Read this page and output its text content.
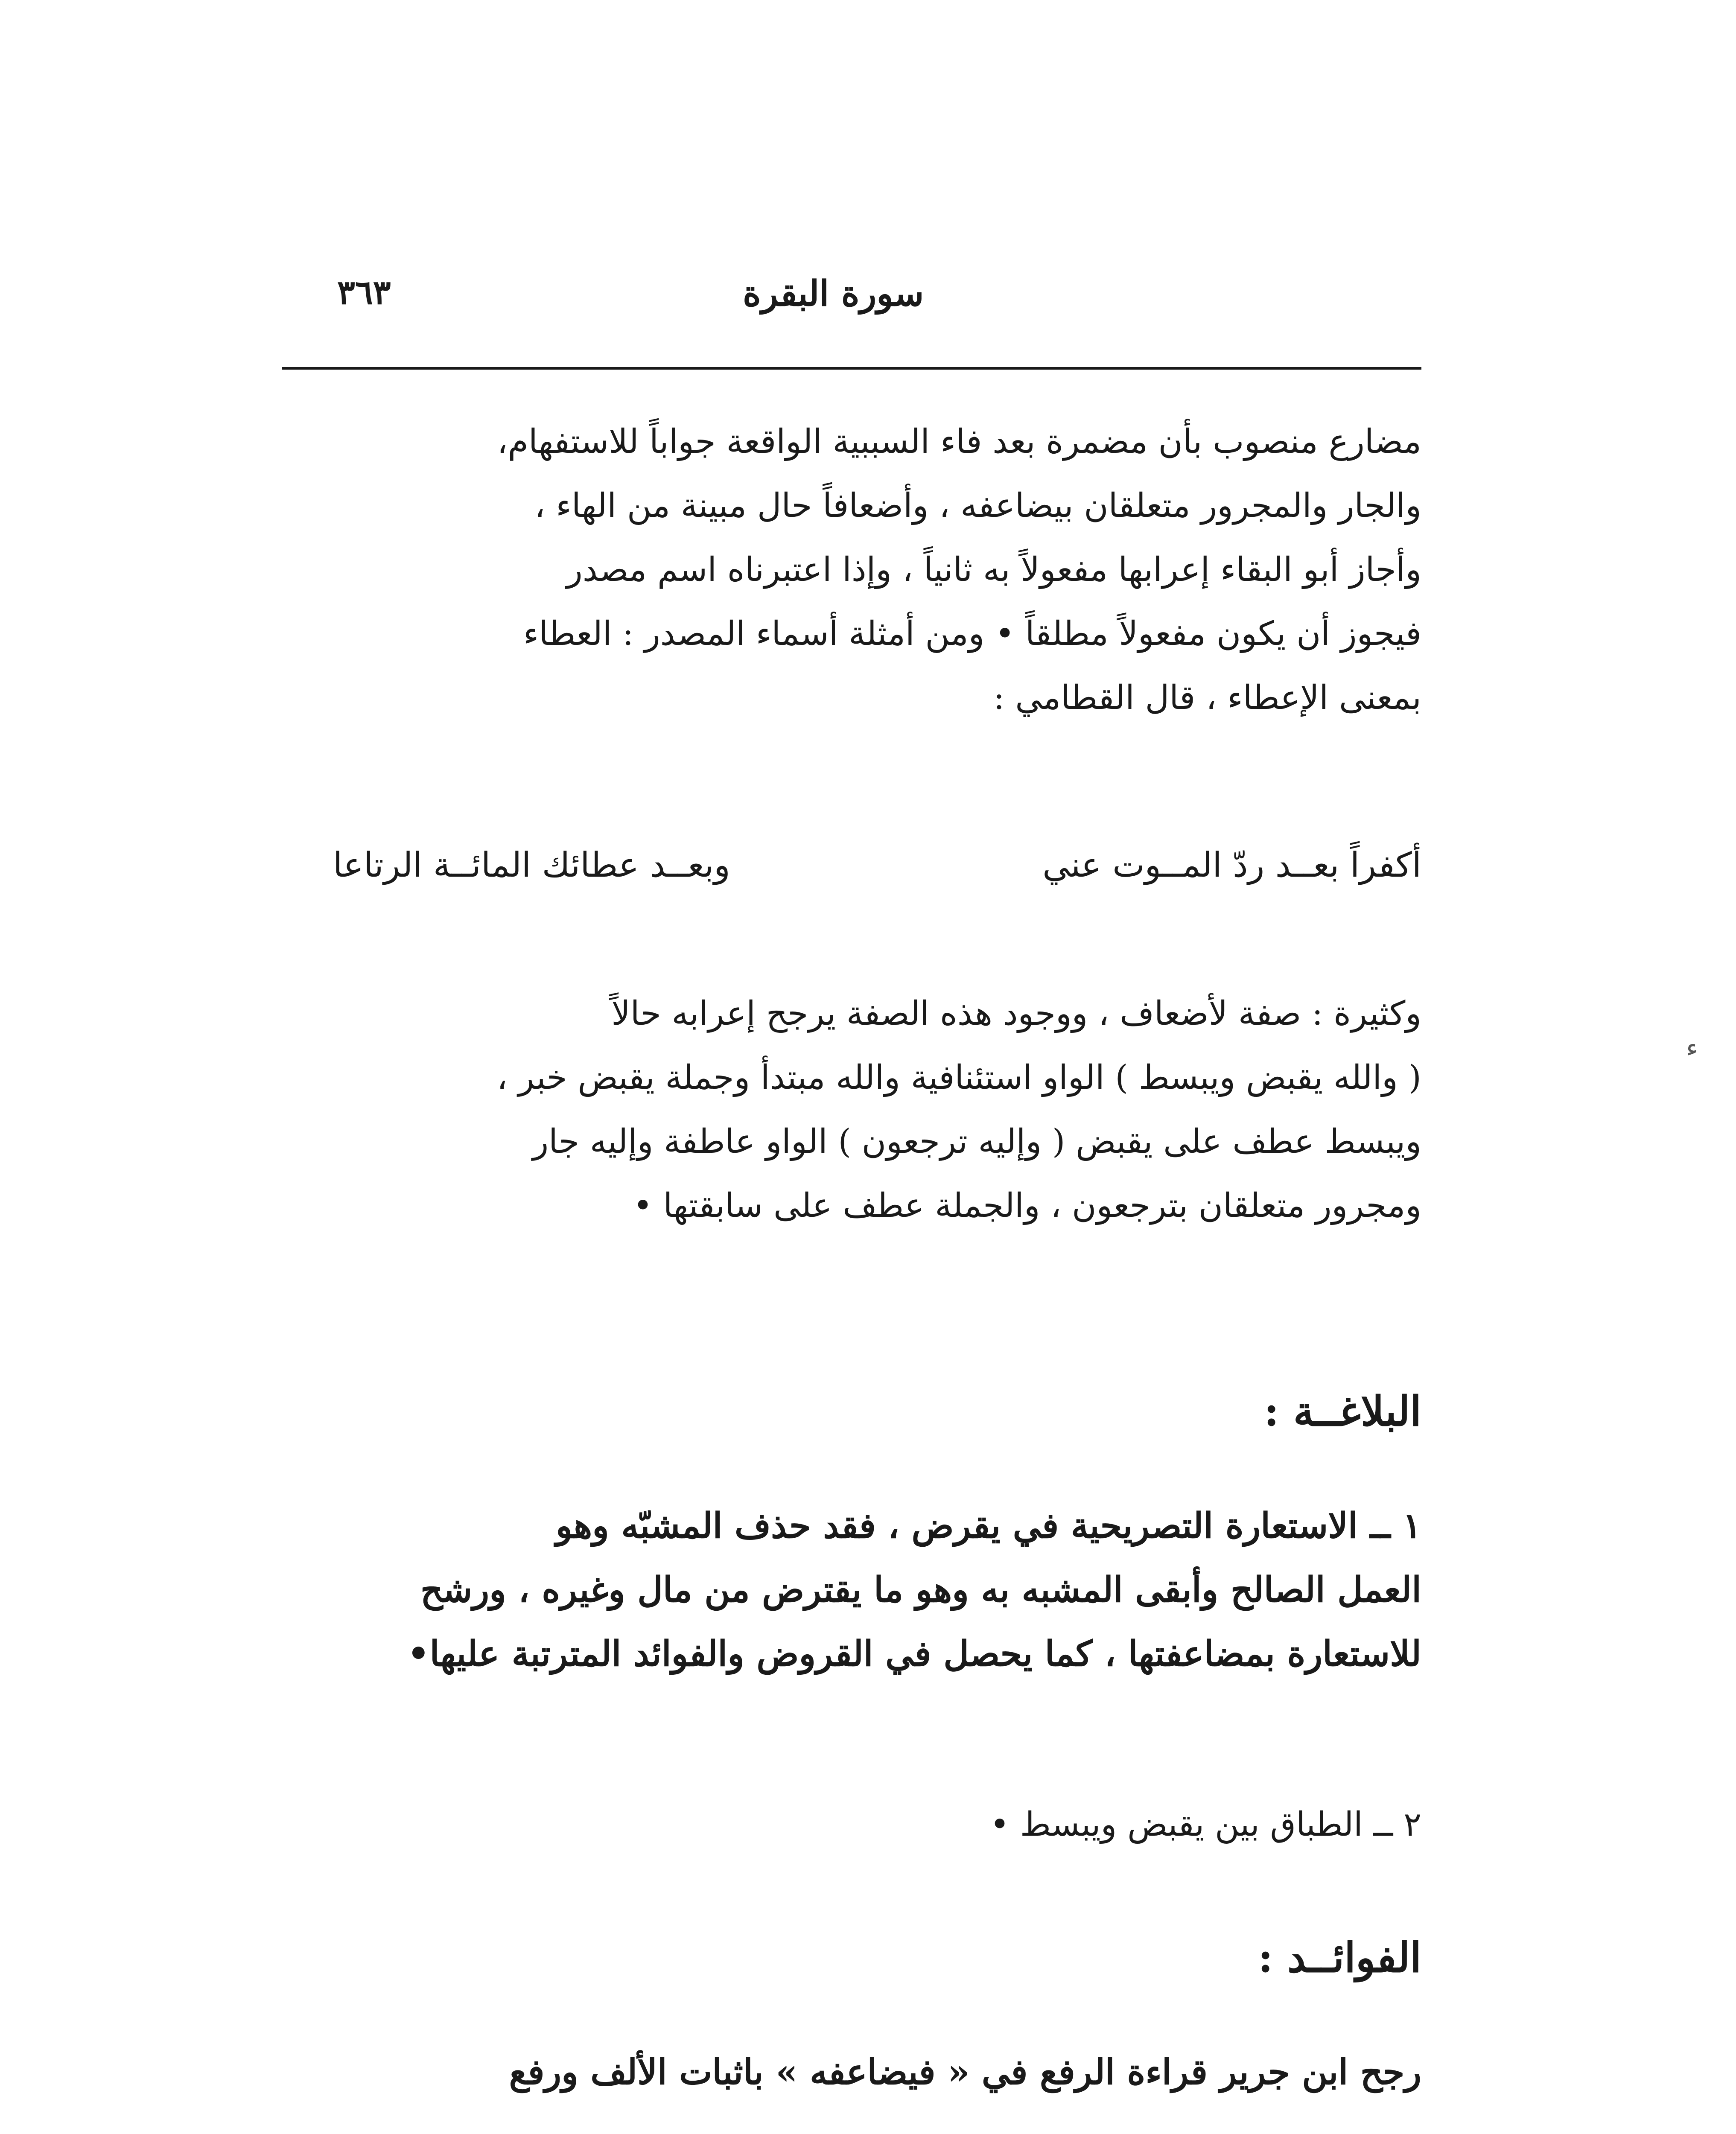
٣٦٣	سورة البقرة
مضارع منصوب بأن مضمرة بعد فاء السببية الواقعة جواباً للاستفهام،
والجار والمجرور متعلقان بيضاعفه ، وأضعافاً حال مبينة من الهاء ،
وأجاز أبو البقاء إعرابها مفعولاً به ثانياً ، وإذا اعتبرناه اسم مصدر
فيجوز أن يكون مفعولاً مطلقاً • ومن أمثلة أسماء المصدر : العطاء
بمعنى الإعطاء ، قال القطامي :
أكفراً بعــد ردّ المــوت عني
وبعــد عطائك المائــة الرتاعا
وكثيرة : صفة لأضعاف ، ووجود هذه الصفة يرجح إعرابه حالاً
( والله يقبض ويبسط ) الواو استئنافية والله مبتدأ وجملة يقبض خبر ،
ويبسط عطف على يقبض ( وإليه ترجعون ) الواو عاطفة وإليه جار
ومجرور متعلقان بترجعون ، والجملة عطف على سابقتها •
البلاغــة :
١ ــ الاستعارة التصريحية في يقرض ، فقد حذف المشبّه وهو
العمل الصالح وأبقى المشبه به وهو ما يقترض من مال وغيره ، ورشح
للاستعارة بمضاعفتها ، كما يحصل في القروض والفوائد المترتبة عليها•
٢ ــ الطباق بين يقبض ويبسط •
الفوائــد :
رجح ابن جرير قراءة الرفع في « فيضاعفه » باثبات الألف ورفع
ﺀ
